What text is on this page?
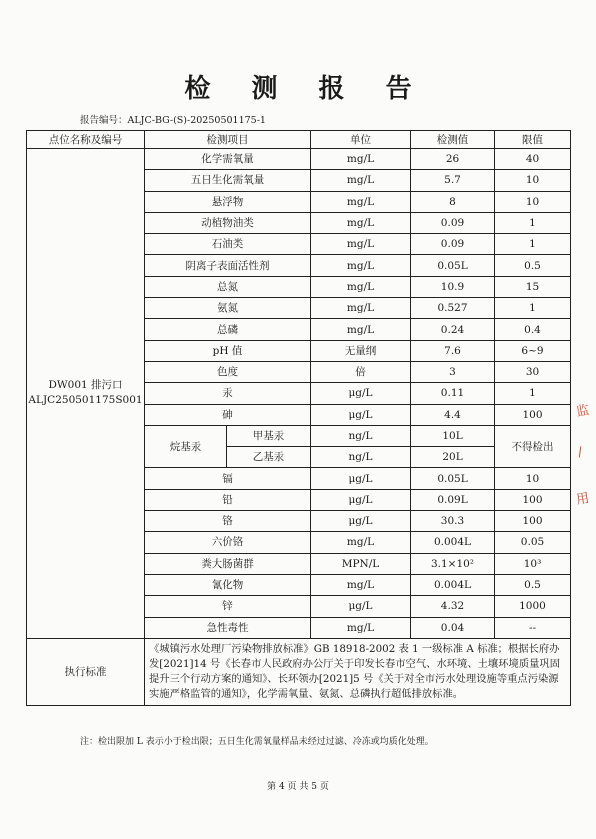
检 测 报 告
报告编号：ALJC-BG-(S)-20250501175-1
点位名称及编号	检测项目		单位	检测值	限值

DW001 排污口
ALJC250501175S001	化学需氧量		mg/L	26	40
	五日生化需氧量		mg/L	5.7	10
	悬浮物		mg/L	8	10
	动植物油类		mg/L	0.09	1
	石油类		mg/L	0.09	1
	阴离子表面活性剂		mg/L	0.05L	0.5
	总氮		mg/L	10.9	15
	氨氮		mg/L	0.527	1
	总磷		mg/L	0.24	0.4
	pH 值		无量纲	7.6	6~9
	色度		倍	3	30
	汞		μg/L	0.11	1
	砷		μg/L	4.4	100
	烷基汞	甲基汞	ng/L	10L	不得检出
		乙基汞	ng/L	20L	
	镉		μg/L	0.05L	10
	铅		μg/L	0.09L	100
	铬		μg/L	30.3	100
	六价铬		mg/L	0.004L	0.05
	粪大肠菌群		MPN/L	3.1×10²	10³
	氰化物		mg/L	0.004L	0.5
	锌		μg/L	4.32	1000
	急性毒性		mg/L	0.04	--
执行标准	《城镇污水处理厂污染物排放标准》GB 18918-2002 表 1 一级标准 A 标准；根据长府办发[2021]14 号《长春市人民政府办公厅关于印发长春市空气、水环境、土壤环境质量巩固提升三个行动方案的通知》、长环领办[2021]5 号《关于对全市污水处理设施等重点污染源实施严格监管的通知》，化学需氧量、氨氮、总磷执行超低排放标准。				
注：检出限加 L 表示小于检出限；五日生化需氧量样品未经过过滤、冷冻或均质化处理。
第 4 页 共 5 页
监
/
用
